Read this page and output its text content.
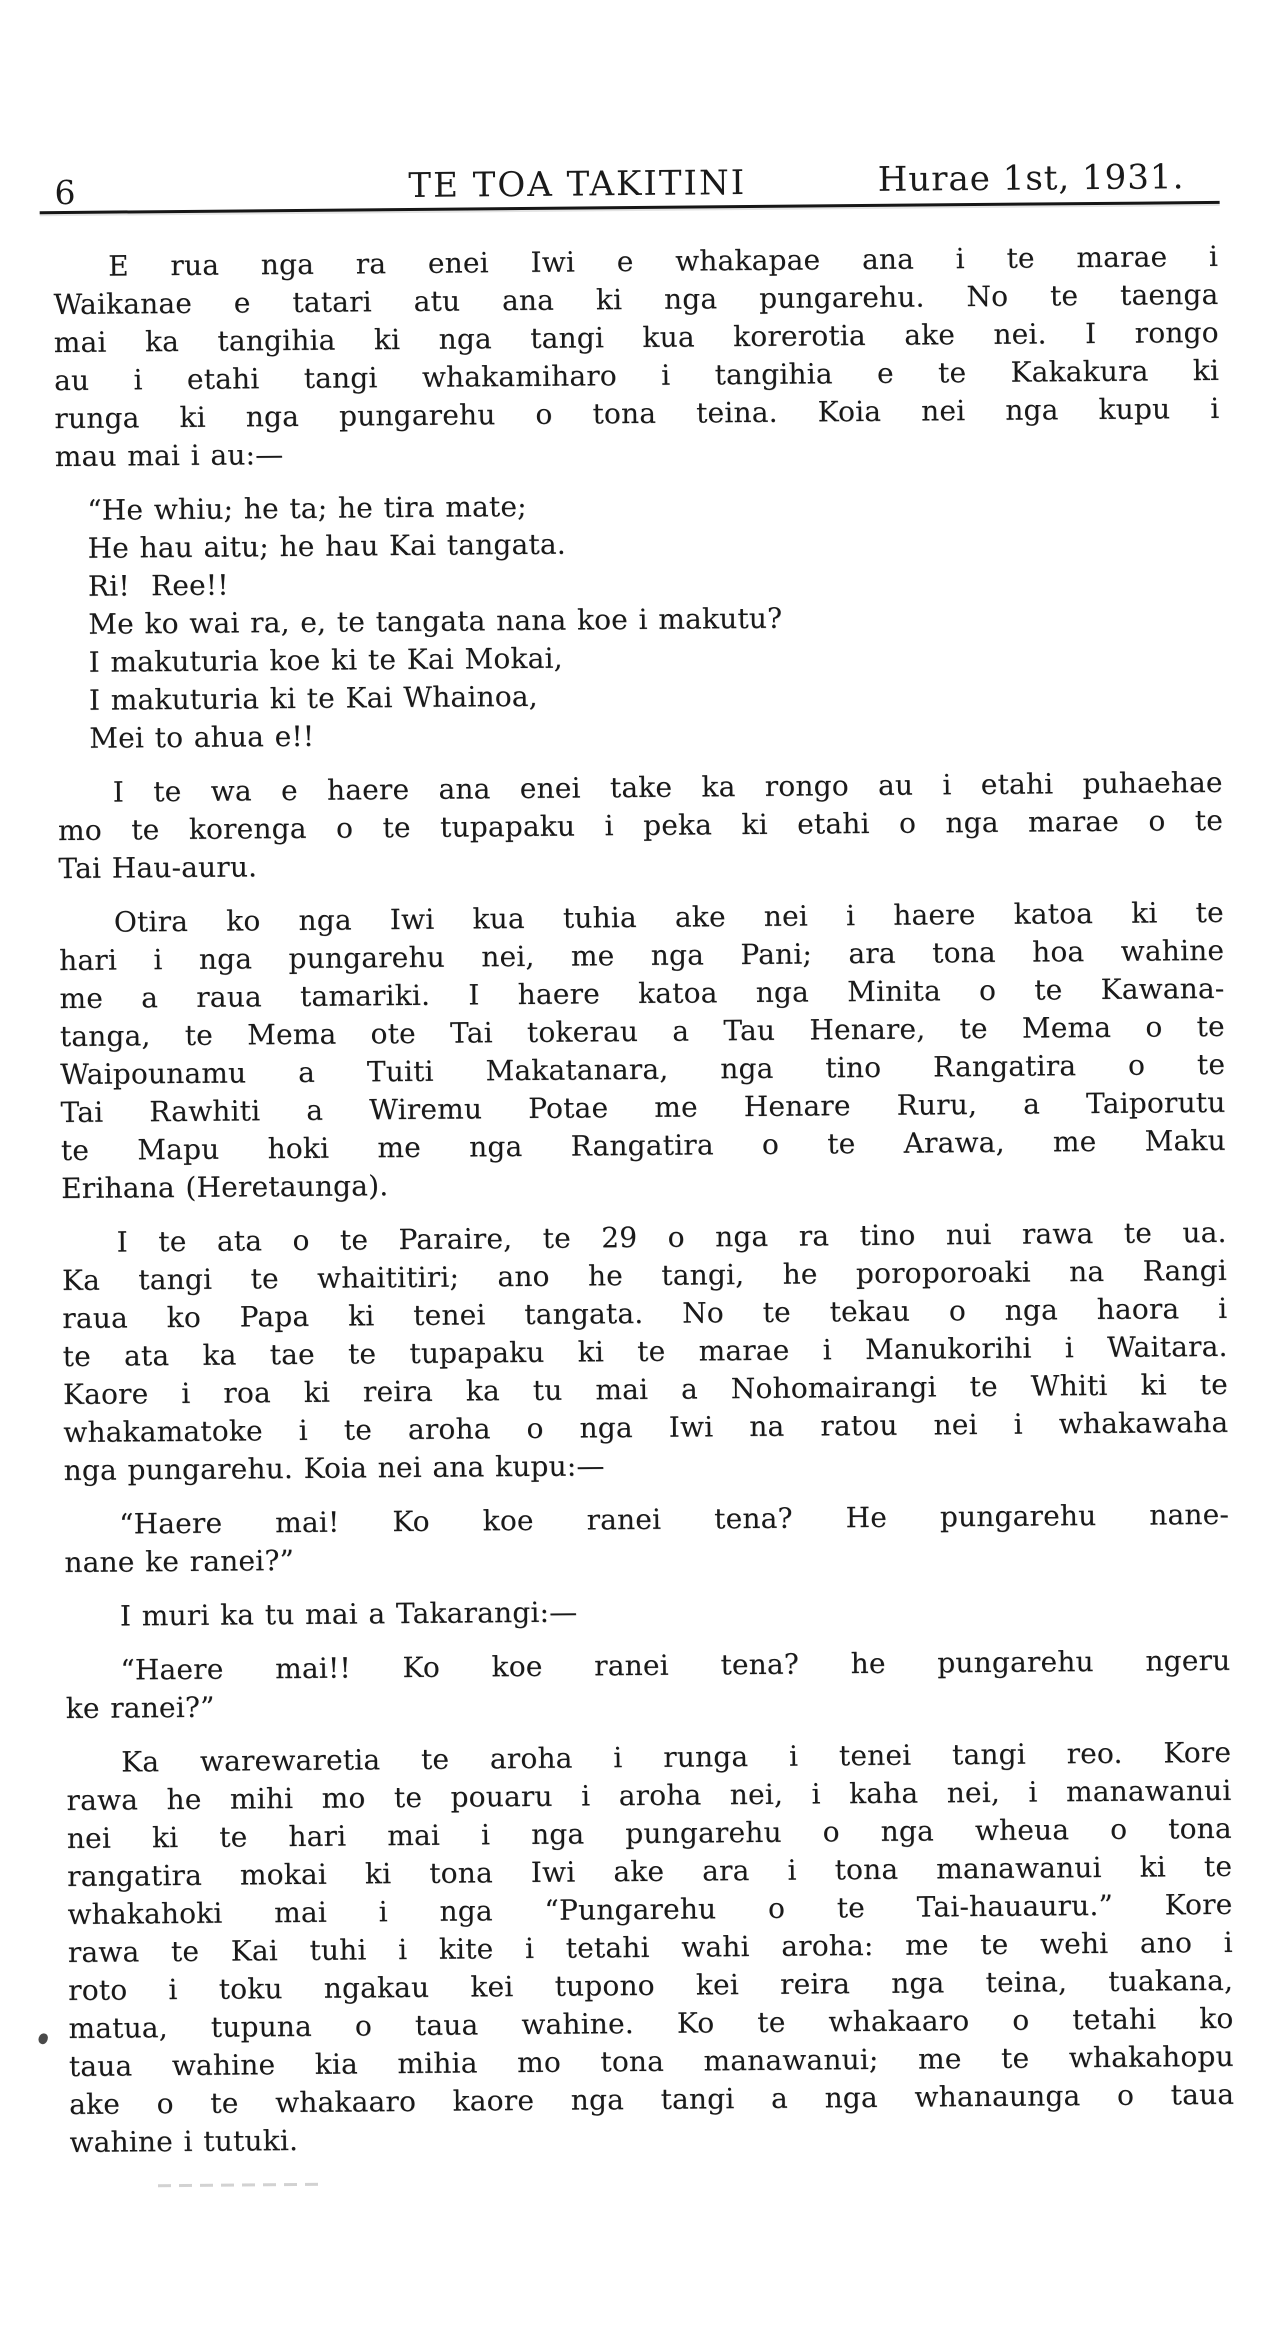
6	TE TOA TAKITINI	Hurae 1st, 1931.
E rua nga ra enei Iwi e whakapae ana i te marae i
Waikanae e tatari atu ana ki nga pungarehu. No te taenga
mai ka tangihia ki nga tangi kua korerotia ake nei. I rongo
au i etahi tangi whakamiharo i tangihia e te Kakakura ki
runga ki nga pungarehu o tona teina. Koia nei nga kupu i
mau mai i au:—
“He whiu; he ta; he tira mate;
He hau aitu; he hau Kai tangata.
Ri!  Ree!!
Me ko wai ra, e, te tangata nana koe i makutu?
I makuturia koe ki te Kai Mokai,
I makuturia ki te Kai Whainoa,
Mei to ahua e!!
I te wa e haere ana enei take ka rongo au i etahi puhaehae
mo te korenga o te tupapaku i peka ki etahi o nga marae o te
Tai Hau-auru.
Otira ko nga Iwi kua tuhia ake nei i haere katoa ki te
hari i nga pungarehu nei, me nga Pani; ara tona hoa wahine
me a raua tamariki. I haere katoa nga Minita o te Kawana-
tanga, te Mema ote Tai tokerau a Tau Henare, te Mema o te
Waipounamu a Tuiti Makatanara, nga tino Rangatira o te
Tai Rawhiti a Wiremu Potae me Henare Ruru, a Taiporutu
te Mapu hoki me nga Rangatira o te Arawa, me Maku
Erihana (Heretaunga).
I te ata o te Paraire, te 29 o nga ra tino nui rawa te ua.
Ka tangi te whaititiri; ano he tangi, he poroporoaki na Rangi
raua ko Papa ki tenei tangata. No te tekau o nga haora i
te ata ka tae te tupapaku ki te marae i Manukorihi i Waitara.
Kaore i roa ki reira ka tu mai a Nohomairangi te Whiti ki te
whakamatoke i te aroha o nga Iwi na ratou nei i whakawaha
nga pungarehu. Koia nei ana kupu:—
“Haere mai! Ko koe ranei tena? He pungarehu nane-
nane ke ranei?”
I muri ka tu mai a Takarangi:—
“Haere mai!! Ko koe ranei tena? he pungarehu ngeru
ke ranei?”
Ka warewaretia te aroha i runga i tenei tangi reo. Kore
rawa he mihi mo te pouaru i aroha nei, i kaha nei, i manawanui
nei ki te hari mai i nga pungarehu o nga wheua o tona
rangatira mokai ki tona Iwi ake ara i tona manawanui ki te
whakahoki mai i nga “Pungarehu o te Tai-hauauru.” Kore
rawa te Kai tuhi i kite i tetahi wahi aroha: me te wehi ano i
roto i toku ngakau kei tupono kei reira nga teina, tuakana,
matua, tupuna o taua wahine. Ko te whakaaro o tetahi ko
taua wahine kia mihia mo tona manawanui; me te whakahopu
ake o te whakaaro kaore nga tangi a nga whanaunga o taua
wahine i tutuki.
